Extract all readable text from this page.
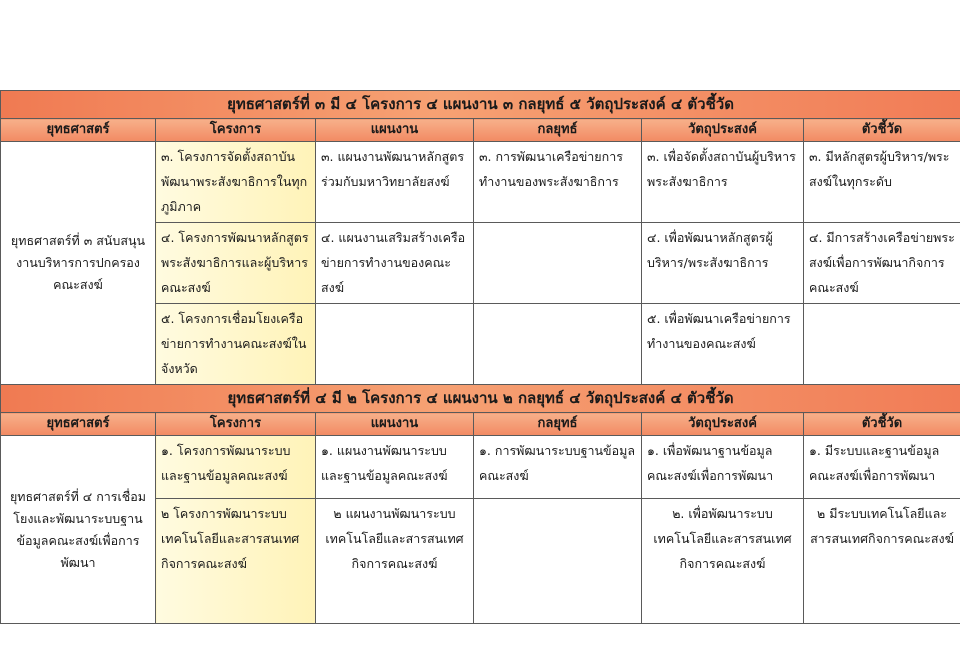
ยุทธศาสตร์ที่ ๓ มี ๔ โครงการ ๔ แผนงาน ๓ กลยุทธ์ ๕ วัตถุประสงค์ ๔ ตัวชี้วัด					
ยุทธศาสตร์	โครงการ	แผนงาน	กลยุทธ์	วัตถุประสงค์	ตัวชี้วัด
ยุทธศาสตร์ที่ ๓ สนับสนุนงานบริหารการปกครองคณะสงฆ์	๓. โครงการจัดตั้งสถาบันพัฒนาพระสังฆาธิการในทุกภูมิภาค	๓. แผนงานพัฒนาหลักสูตรร่วมกับมหาวิทยาลัยสงฆ์	๓. การพัฒนาเครือข่ายการทำงานของพระสังฆาธิการ	๓. เพื่อจัดตั้งสถาบันผู้บริหารพระสังฆาธิการ	๓. มีหลักสูตรผู้บริหาร/พระสงฆ์ในทุกระดับ
	๔. โครงการพัฒนาหลักสูตรพระสังฆาธิการและผู้บริหารคณะสงฆ์	๔. แผนงานเสริมสร้างเครือข่ายการทำงานของคณะสงฆ์		๔. เพื่อพัฒนาหลักสูตรผู้บริหาร/พระสังฆาธิการ	๔. มีการสร้างเครือข่ายพระสงฆ์เพื่อการพัฒนากิจการคณะสงฆ์
	๕. โครงการเชื่อมโยงเครือข่ายการทำงานคณะสงฆ์ในจังหวัด			๕. เพื่อพัฒนาเครือข่ายการทำงานของคณะสงฆ์	
ยุทธศาสตร์ที่ ๔ มี ๒ โครงการ ๔ แผนงาน ๒ กลยุทธ์ ๔ วัตถุประสงค์ ๔ ตัวชี้วัด					
ยุทธศาสตร์	โครงการ	แผนงาน	กลยุทธ์	วัตถุประสงค์	ตัวชี้วัด
ยุทธศาสตร์ที่ ๔ การเชื่อมโยงและพัฒนาระบบฐานข้อมูลคณะสงฆ์เพื่อการพัฒนา	๑. โครงการพัฒนาระบบและฐานข้อมูลคณะสงฆ์	๑. แผนงานพัฒนาระบบและฐานข้อมูลคณะสงฆ์	๑. การพัฒนาระบบฐานข้อมูลคณะสงฆ์	๑. เพื่อพัฒนาฐานข้อมูลคณะสงฆ์เพื่อการพัฒนา	๑. มีระบบและฐานข้อมูลคณะสงฆ์เพื่อการพัฒนา
	๒ โครงการพัฒนาระบบเทคโนโลยีและสารสนเทศกิจการคณะสงฆ์	๒ แผนงานพัฒนาระบบเทคโนโลยีและสารสนเทศกิจการคณะสงฆ์		๒. เพื่อพัฒนาระบบเทคโนโลยีและสารสนเทศกิจการคณะสงฆ์	๒ มีระบบเทคโนโลยีและสารสนเทศกิจการคณะสงฆ์
